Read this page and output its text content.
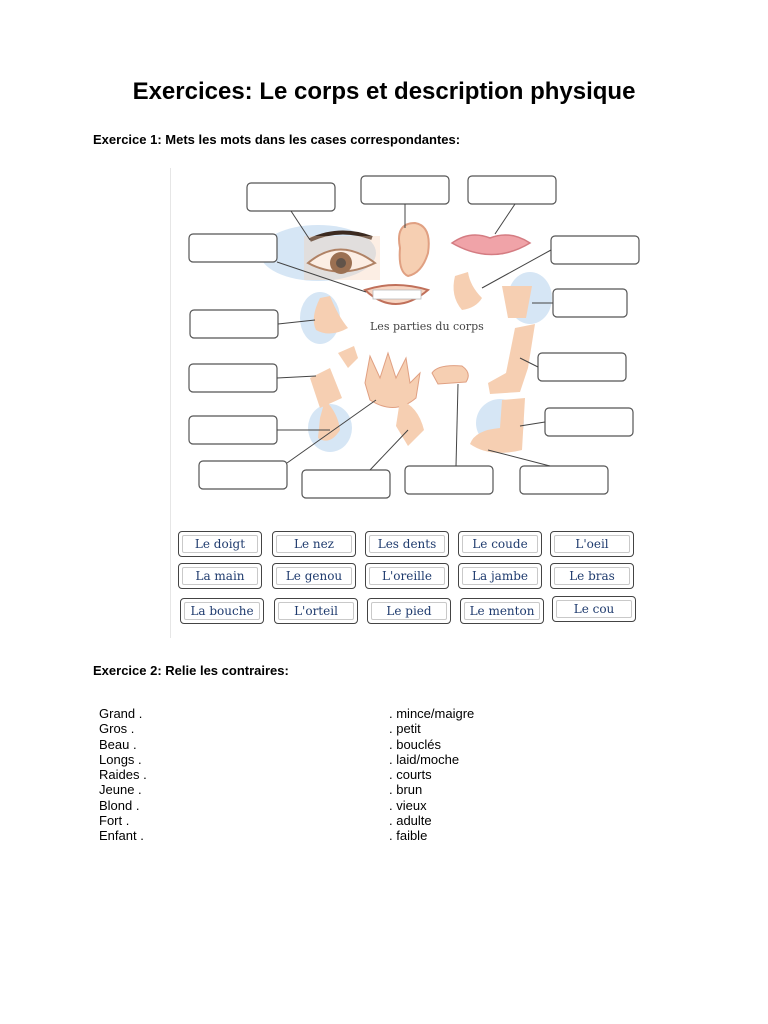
Exercices: Le corps et description physique
Exercice 1: Mets les mots dans les cases correspondantes:
Les parties du corps
Le doigt	Le nez	Les dents	Le coude	L'oeil
La main	Le genou	L'oreille	La jambe	Le bras
La bouche	L'orteil	Le pied	Le menton	Le cou
Exercice 2: Relie les contraires:
Grand .	. mince/maigre
Gros .	. petit
Beau .	. bouclés
Longs .	. laid/moche
Raides .	. courts
Jeune .	. brun
Blond .	. vieux
Fort .	. adulte
Enfant .	. faible
